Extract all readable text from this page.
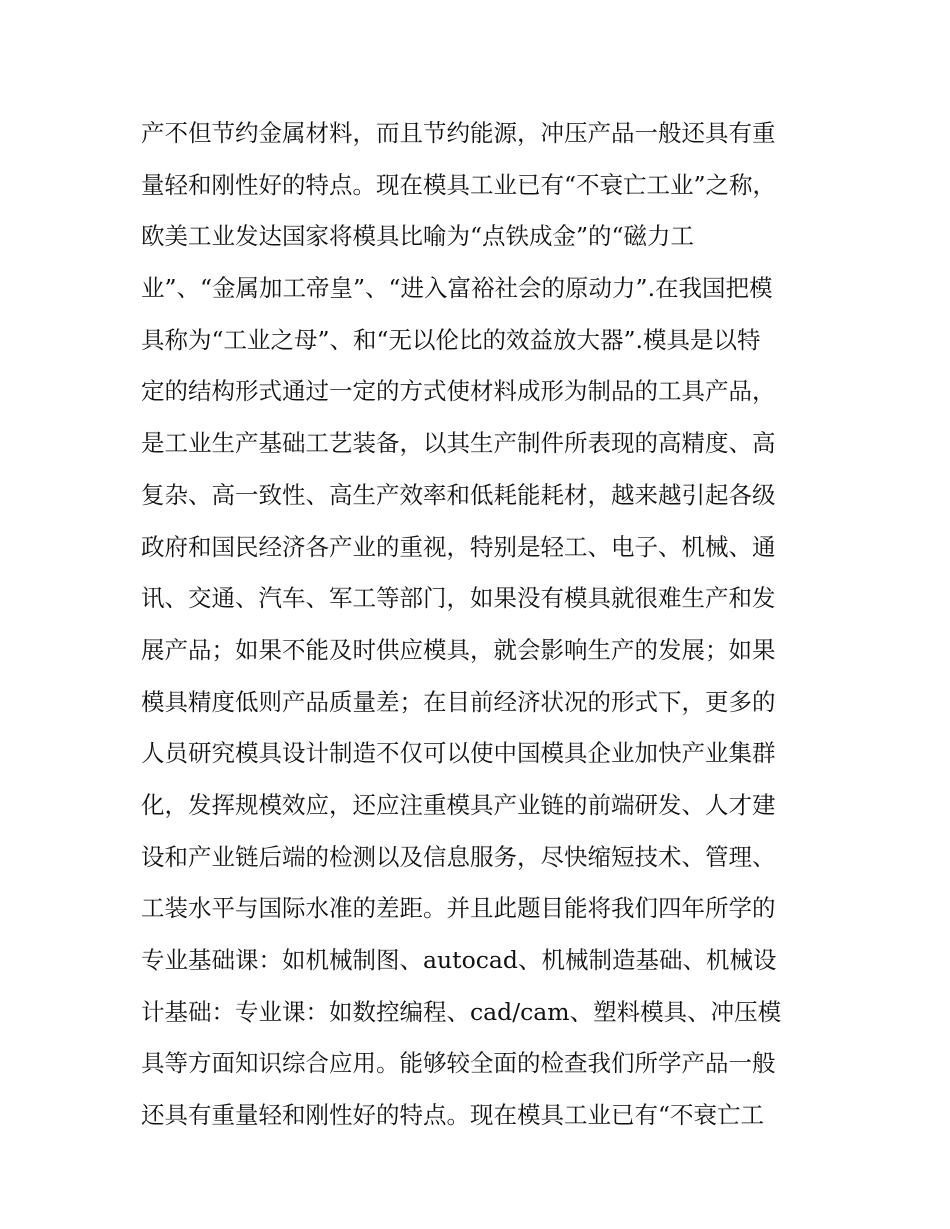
产不但节约金属材料，而且节约能源，冲压产品一般还具有重
量轻和刚性好的特点。现在模具工业已有“不衰亡工业”之称，
欧美工业发达国家将模具比喻为“点铁成金”的“磁力工
业”、“金属加工帝皇”、“进入富裕社会的原动力”.在我国把模
具称为“工业之母”、和“无以伦比的效益放大器”.模具是以特
定的结构形式通过一定的方式使材料成形为制品的工具产品，
是工业生产基础工艺装备，以其生产制件所表现的高精度、高
复杂、高一致性、高生产效率和低耗能耗材，越来越引起各级
政府和国民经济各产业的重视，特别是轻工、电子、机械、通
讯、交通、汽车、军工等部门，如果没有模具就很难生产和发
展产品；如果不能及时供应模具，就会影响生产的发展；如果
模具精度低则产品质量差；在目前经济状况的形式下，更多的
人员研究模具设计制造不仅可以使中国模具企业加快产业集群
化，发挥规模效应，还应注重模具产业链的前端研发、人才建
设和产业链后端的检测以及信息服务，尽快缩短技术、管理、
工装水平与国际水准的差距。并且此题目能将我们四年所学的
专业基础课：如机械制图、autocad、机械制造基础、机械设
计基础：专业课：如数控编程、cad/cam、塑料模具、冲压模
具等方面知识综合应用。能够较全面的检查我们所学产品一般
还具有重量轻和刚性好的特点。现在模具工业已有“不衰亡工
